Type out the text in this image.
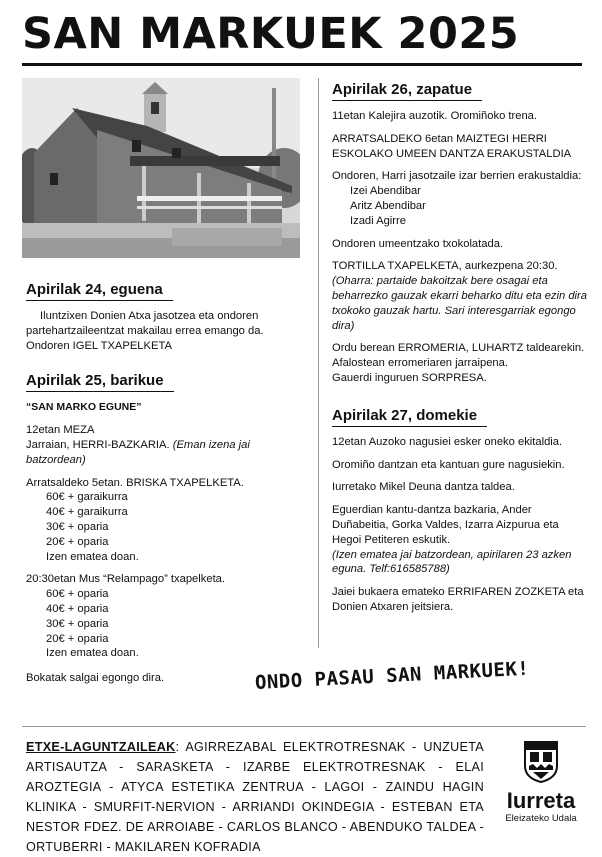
SAN MARKUEK 2025
Apirilak 24, eguena

Iluntzixen Donien Atxa jasotzea eta ondoren partehartzaileentzat makailau errea emango da.

Ondoren IGEL TXAPELKETA

Apirilak 25, barikue

“SAN MARKO EGUNE”

12etan MEZA
Jarraian, HERRI-BAZKARIA. (Eman izena jai batzordean)

Arratsaldeko 5etan. BRISKA TXAPELKETA.

60€ + garaikurra
40€ + garaikurra
30€ + oparia
20€ + oparia
Izen ematea doan.

20:30etan Mus “Relampago” txapelketa.

60€ + oparia
40€ + oparia
30€ + oparia
20€ + oparia
Izen ematea doan.

Bokatak salgai egongo dira.

Apirilak 26, zapatue

11etan Kalejira auzotik. Oromiñoko trena.

ARRATSALDEKO 6etan MAIZTEGI HERRI ESKOLAKO UMEEN DANTZA ERAKUSTALDIA

Ondoren, Harri jasotzaile izar berrien erakustaldia:
Izei Abendibar
Aritz Abendibar
Izadi Agirre

Ondoren umeentzako txokolatada.

TORTILLA TXAPELKETA, aurkezpena 20:30.
(Oharra: partaide bakoitzak bere osagai eta beharrezko gauzak ekarri beharko ditu eta ezin dira txokoko gauzak hartu. Sari interesgarriak egongo dira)

Ordu berean ERROMERIA, LUHARTZ taldearekin.
Afalostean erromeriaren jarraipena.
Gauerdi inguruen SORPRESA.

Apirilak 27, domekie

12etan Auzoko nagusiei esker oneko ekitaldia.

Oromiño dantzan eta kantuan gure nagusiekin.

Iurretako Mikel Deuna dantza taldea.

Eguerdian kantu-dantza bazkaria, Ander Duñabeitia, Gorka Valdes, Izarra Aizpurua eta Hegoi Petiteren eskutik.
(Izen ematea jai batzordean, apirilaren 23 azken eguna. Telf:616585788)

Jaiei bukaera emateko ERRIFAREN ZOZKETA eta Donien Atxaren jeitsiera.

ONDO PASAU SAN MARKUEK!
ETXE-LAGUNTZAILEAK: AGIRREZABAL ELEKTROTRESNAK - UNZUETA ARTISAUTZA - SARASKETA - IZARBE ELEKTROTRESNAK - ELAI AROZTEGIA - ATYCA ESTETIKA ZENTRUA - LAGOI - ZAINDU HAGIN KLINIKA - SMURFIT-NERVION - ARRIANDI OKINDEGIA - ESTEBAN ETA NESTOR FDEZ. DE ARROIABE - CARLOS BLANCO - ABENDUKO TALDEA - ORTUBERRI - MAKILAREN KOFRADIA
Iurreta
Eleizateko Udala
